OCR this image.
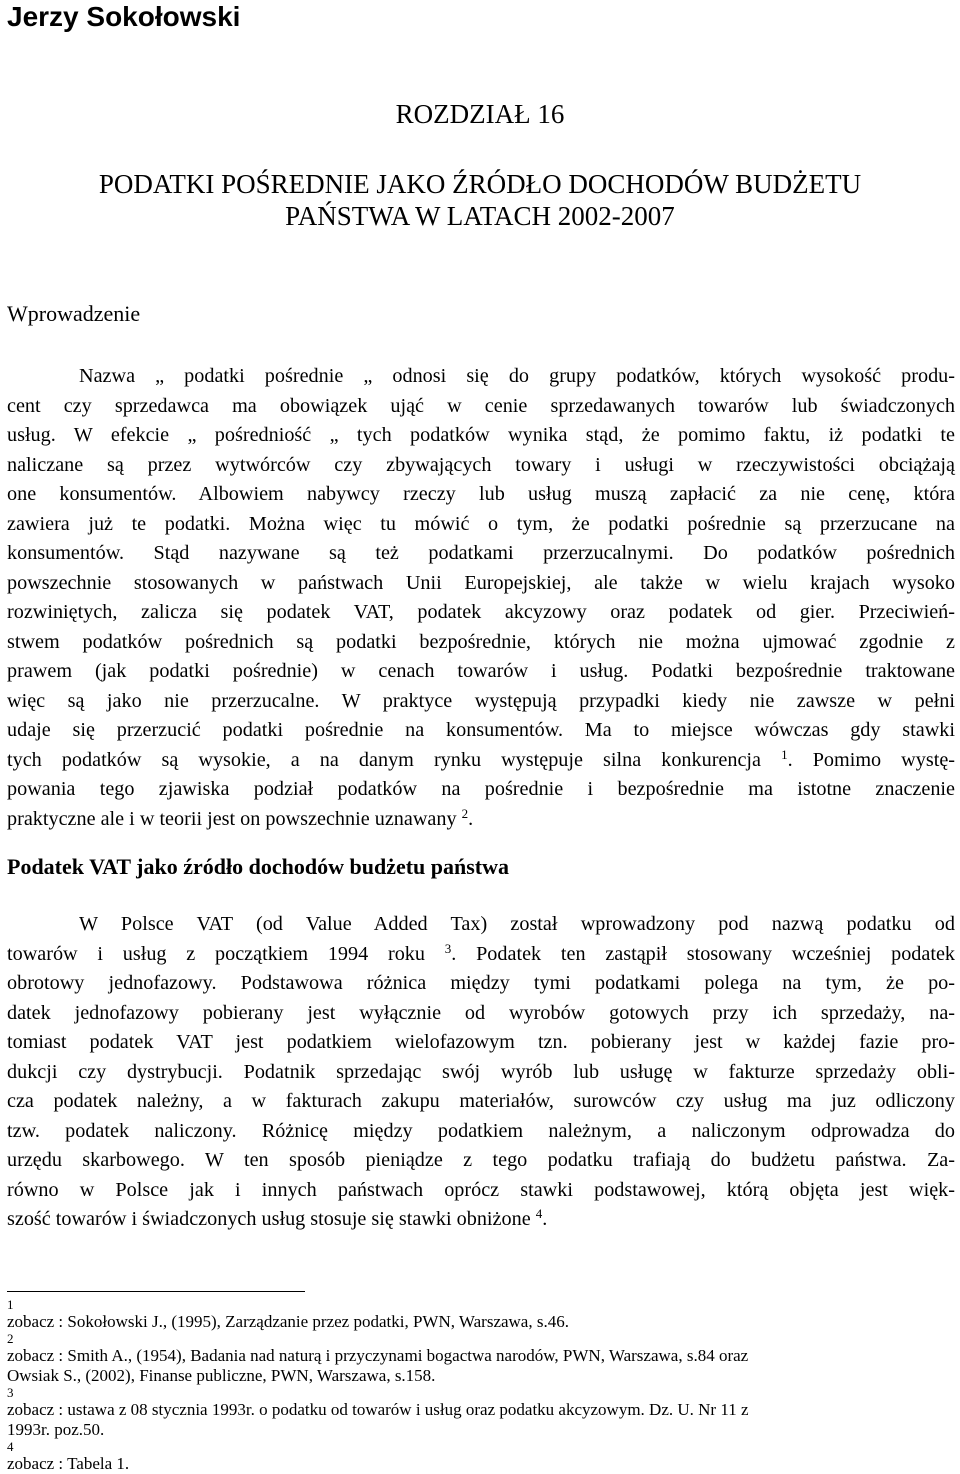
Jerzy Sokołowski
ROZDZIAŁ 16
PODATKI POŚREDNIE JAKO ŹRÓDŁO DOCHODÓW BUDŻETU
PAŃSTWA W LATACH 2002-2007
Wprowadzenie
Nazwa „ podatki pośrednie „ odnosi się do grupy podatków, których wysokość produ-
cent czy sprzedawca ma obowiązek ująć w cenie sprzedawanych towarów lub świadczonych
usług. W efekcie „ pośredniość „ tych podatków wynika stąd, że pomimo faktu, iż podatki te
naliczane są przez wytwórców czy zbywających towary i usługi w rzeczywistości obciążają
one konsumentów. Albowiem nabywcy rzeczy lub usług muszą zapłacić za nie cenę, która
zawiera już te podatki. Można więc tu mówić o tym, że podatki pośrednie są przerzucane na
konsumentów. Stąd nazywane są też podatkami przerzucalnymi. Do podatków pośrednich
powszechnie stosowanych w państwach Unii Europejskiej, ale także w wielu krajach wysoko
rozwiniętych, zalicza się podatek VAT, podatek akcyzowy oraz podatek od gier. Przeciwień-
stwem podatków pośrednich są podatki bezpośrednie, których nie można ujmować zgodnie z
prawem (jak podatki pośrednie) w cenach towarów i usług. Podatki bezpośrednie traktowane
więc są jako nie przerzucalne. W praktyce występują przypadki kiedy nie zawsze w pełni
udaje się przerzucić podatki pośrednie na konsumentów. Ma to miejsce wówczas gdy stawki
tych podatków są wysokie, a na danym rynku występuje silna konkurencja $^1$. Pomimo wystę-
powania tego zjawiska podział podatków na pośrednie i bezpośrednie ma istotne znaczenie
praktyczne ale i w teorii jest on powszechnie uznawany $^2$.
Podatek VAT jako źródło dochodów budżetu państwa
W Polsce VAT (od Value Added Tax) został wprowadzony pod nazwą podatku od
towarów i usług z początkiem 1994 roku $^3$. Podatek ten zastąpił stosowany wcześniej podatek
obrotowy jednofazowy. Podstawowa różnica między tymi podatkami polega na tym, że po-
datek jednofazowy pobierany jest wyłącznie od wyrobów gotowych przy ich sprzedaży, na-
tomiast podatek VAT jest podatkiem wielofazowym tzn. pobierany jest w każdej fazie pro-
dukcji czy dystrybucji. Podatnik sprzedając swój wyrób lub usługę w fakturze sprzedaży obli-
cza podatek należny, a w fakturach zakupu materiałów, surowców czy usług ma juz odliczony
tzw. podatek naliczony. Różnicę między podatkiem należnym, a naliczonym odprowadza do
urzędu skarbowego. W ten sposób pieniądze z tego podatku trafiają do budżetu państwa. Za-
równo w Polsce jak i innych państwach oprócz stawki podstawowej, którą objęta jest więk-
szość towarów i świadczonych usług stosuje się stawki obniżone $^4$.
1
zobacz : Sokołowski J., (1995), Zarządzanie przez podatki, PWN, Warszawa, s.46.
2
zobacz : Smith A., (1954), Badania nad naturą i przyczynami bogactwa narodów, PWN, Warszawa, s.84 oraz
Owsiak S., (2002), Finanse publiczne, PWN, Warszawa, s.158.
3
zobacz : ustawa z 08 stycznia 1993r. o podatku od towarów i usług oraz podatku akcyzowym. Dz. U. Nr 11 z
1993r. poz.50.
4
zobacz : Tabela 1.
